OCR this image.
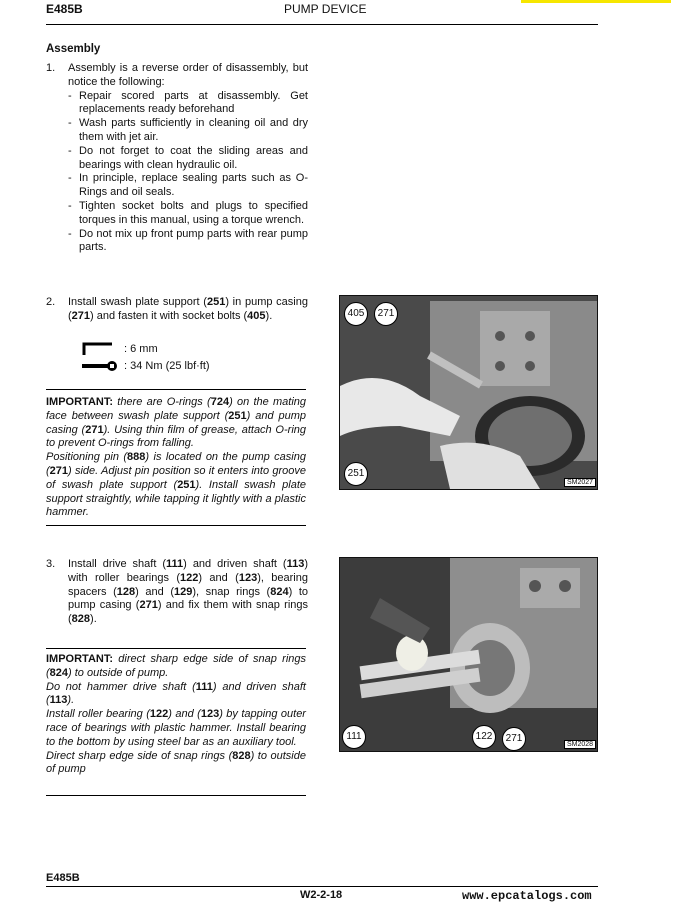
E485B	PUMP DEVICE
Assembly
1. Assembly is a reverse order of disassembly, but notice the following:
- Repair scored parts at disassembly. Get replacements ready beforehand
- Wash parts sufficiently in cleaning oil and dry them with jet air.
- Do not forget to coat the sliding areas and bearings with clean hydraulic oil.
- In principle, replace sealing parts such as O-Rings and oil seals.
- Tighten socket bolts and plugs to specified torques in this manual, using a torque wrench.
- Do not mix up front pump parts with rear pump parts.
2. Install swash plate support (251) in pump casing (271) and fasten it with socket bolts (405).
: 6 mm
: 34 Nm (25 lbf·ft)
IMPORTANT: there are O-rings (724) on the mating face between swash plate support (251) and pump casing (271). Using thin film of grease, attach O-ring to prevent O-rings from falling.
Positioning pin (888) is located on the pump casing (271) side. Adjust pin position so it enters into groove of swash plate support (251). Install swash plate support straightly, while tapping it lightly with a plastic hammer.
3. Install drive shaft (111) and driven shaft (113) with roller bearings (122) and (123), bearing spacers (128) and (129), snap rings (824) to pump casing (271) and fix them with snap rings (828).
IMPORTANT: direct sharp edge side of snap rings (824) to outside of pump.
Do not hammer drive shaft (111) and driven shaft (113).
Install roller bearing (122) and (123) by tapping outer race of bearings with plastic hammer. Install bearing to the bottom by using steel bar as an auxiliary tool.
Direct sharp edge side of snap rings (828) to outside of pump
405	271
251
SM2027
111	122	271
SM2028
E485B
W2-2-18	www.epcatalogs.com
